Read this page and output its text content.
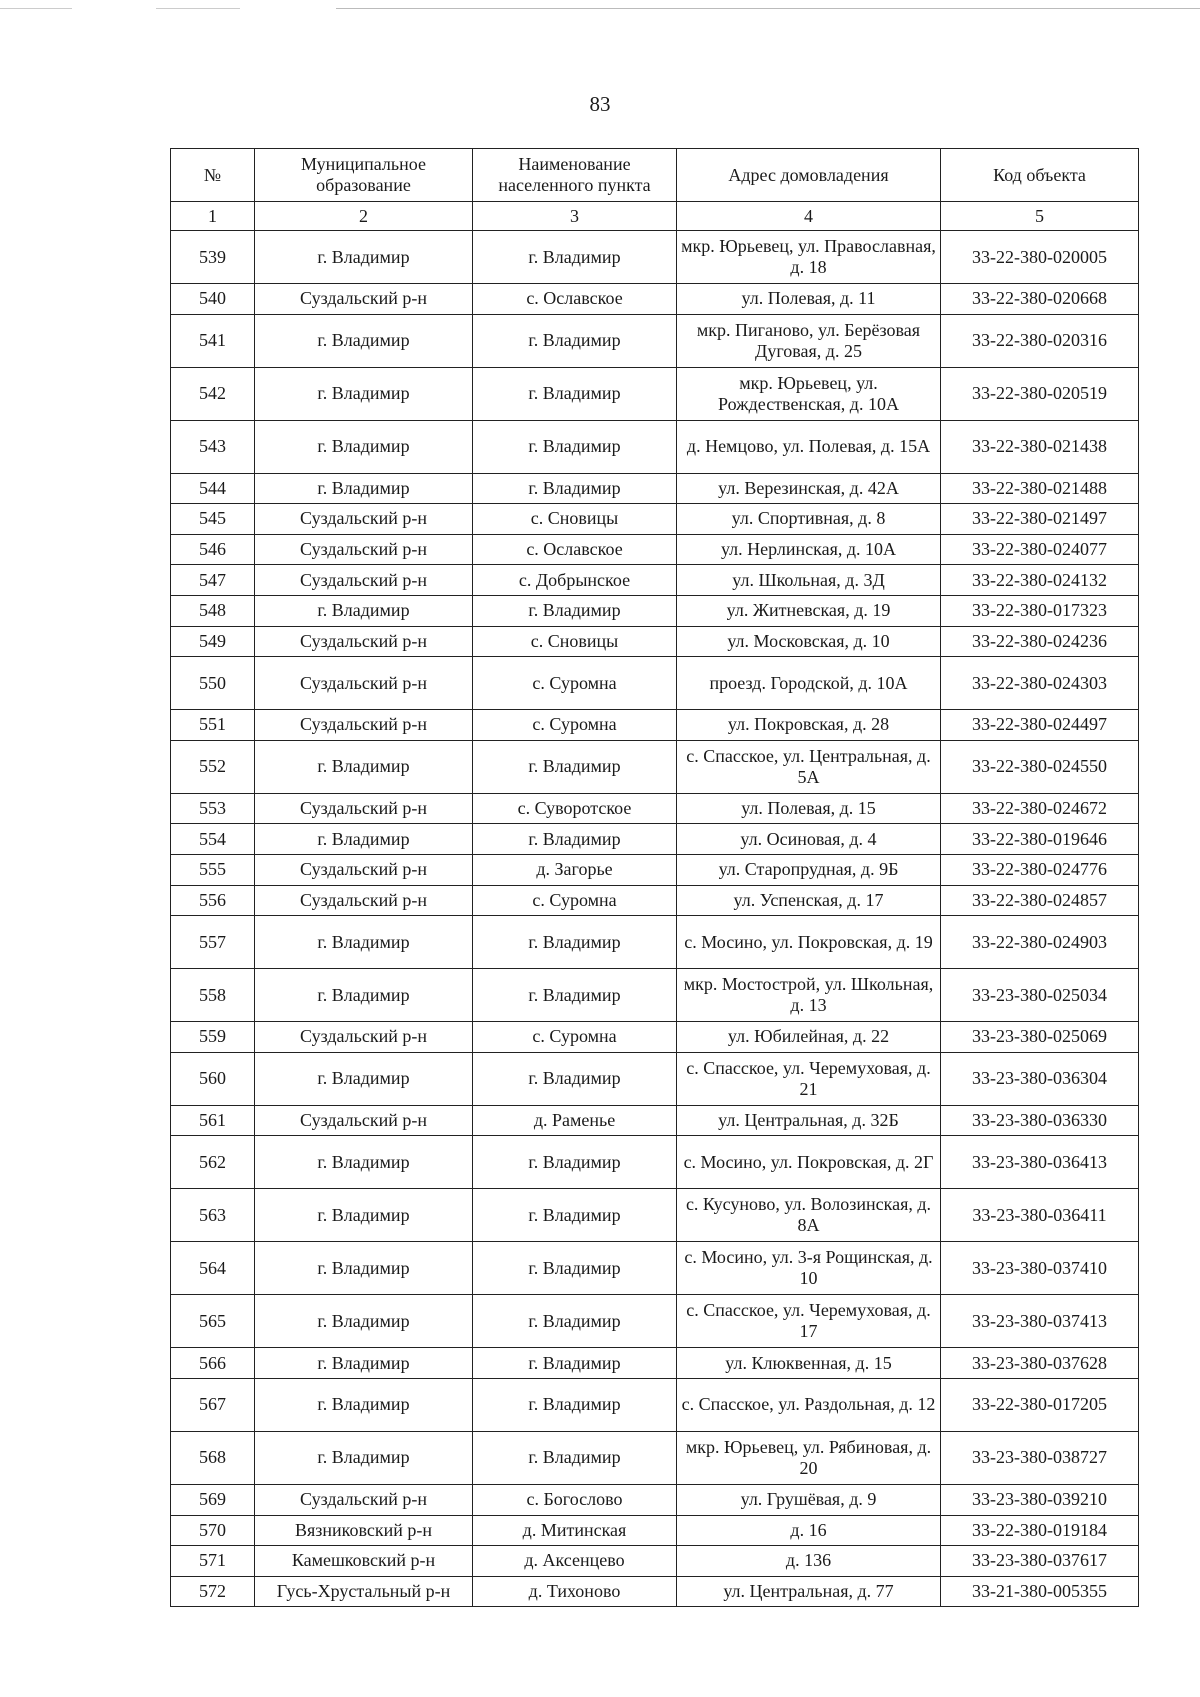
83
№	Муниципальное образование	Наименование населенного пункта	Адрес домовладения	Код объекта
1	2	3	4	5
539	г. Владимир	г. Владимир	мкр. Юрьевец, ул. Православная, д. 18	33-22-380-020005
540	Суздальский р-н	с. Ославское	ул. Полевая, д. 11	33-22-380-020668
541	г. Владимир	г. Владимир	мкр. Пиганово, ул. Берёзовая Дуговая, д. 25	33-22-380-020316
542	г. Владимир	г. Владимир	мкр. Юрьевец, ул. Рождественская, д. 10А	33-22-380-020519
543	г. Владимир	г. Владимир	д. Немцово, ул. Полевая, д. 15А	33-22-380-021438
544	г. Владимир	г. Владимир	ул. Верезинская, д. 42А	33-22-380-021488
545	Суздальский р-н	с. Сновицы	ул. Спортивная, д. 8	33-22-380-021497
546	Суздальский р-н	с. Ославское	ул. Нерлинская, д. 10А	33-22-380-024077
547	Суздальский р-н	с. Добрынское	ул. Школьная, д. 3Д	33-22-380-024132
548	г. Владимир	г. Владимир	ул. Житневская, д. 19	33-22-380-017323
549	Суздальский р-н	с. Сновицы	ул. Московская, д. 10	33-22-380-024236
550	Суздальский р-н	с. Суромна	проезд. Городской, д. 10А	33-22-380-024303
551	Суздальский р-н	с. Суромна	ул. Покровская, д. 28	33-22-380-024497
552	г. Владимир	г. Владимир	с. Спасское, ул. Центральная, д. 5А	33-22-380-024550
553	Суздальский р-н	с. Суворотское	ул. Полевая, д. 15	33-22-380-024672
554	г. Владимир	г. Владимир	ул. Осиновая, д. 4	33-22-380-019646
555	Суздальский р-н	д. Загорье	ул. Старопрудная, д. 9Б	33-22-380-024776
556	Суздальский р-н	с. Суромна	ул. Успенская, д. 17	33-22-380-024857
557	г. Владимир	г. Владимир	с. Мосино, ул. Покровская, д. 19	33-22-380-024903
558	г. Владимир	г. Владимир	мкр. Мостострой, ул. Школьная, д. 13	33-23-380-025034
559	Суздальский р-н	с. Суромна	ул. Юбилейная, д. 22	33-23-380-025069
560	г. Владимир	г. Владимир	с. Спасское, ул. Черемуховая, д. 21	33-23-380-036304
561	Суздальский р-н	д. Раменье	ул. Центральная, д. 32Б	33-23-380-036330
562	г. Владимир	г. Владимир	с. Мосино, ул. Покровская, д. 2Г	33-23-380-036413
563	г. Владимир	г. Владимир	с. Кусуново, ул. Волозинская, д. 8А	33-23-380-036411
564	г. Владимир	г. Владимир	с. Мосино, ул. 3-я Рощинская, д. 10	33-23-380-037410
565	г. Владимир	г. Владимир	с. Спасское, ул. Черемуховая, д. 17	33-23-380-037413
566	г. Владимир	г. Владимир	ул. Клюквенная, д. 15	33-23-380-037628
567	г. Владимир	г. Владимир	с. Спасское, ул. Раздольная, д. 12	33-22-380-017205
568	г. Владимир	г. Владимир	мкр. Юрьевец, ул. Рябиновая, д. 20	33-23-380-038727
569	Суздальский р-н	с. Богослово	ул. Грушёвая, д. 9	33-23-380-039210
570	Вязниковский р-н	д. Митинская	д. 16	33-22-380-019184
571	Камешковский р-н	д. Аксенцево	д. 136	33-23-380-037617
572	Гусь-Хрустальный р-н	д. Тихоново	ул. Центральная, д. 77	33-21-380-005355
